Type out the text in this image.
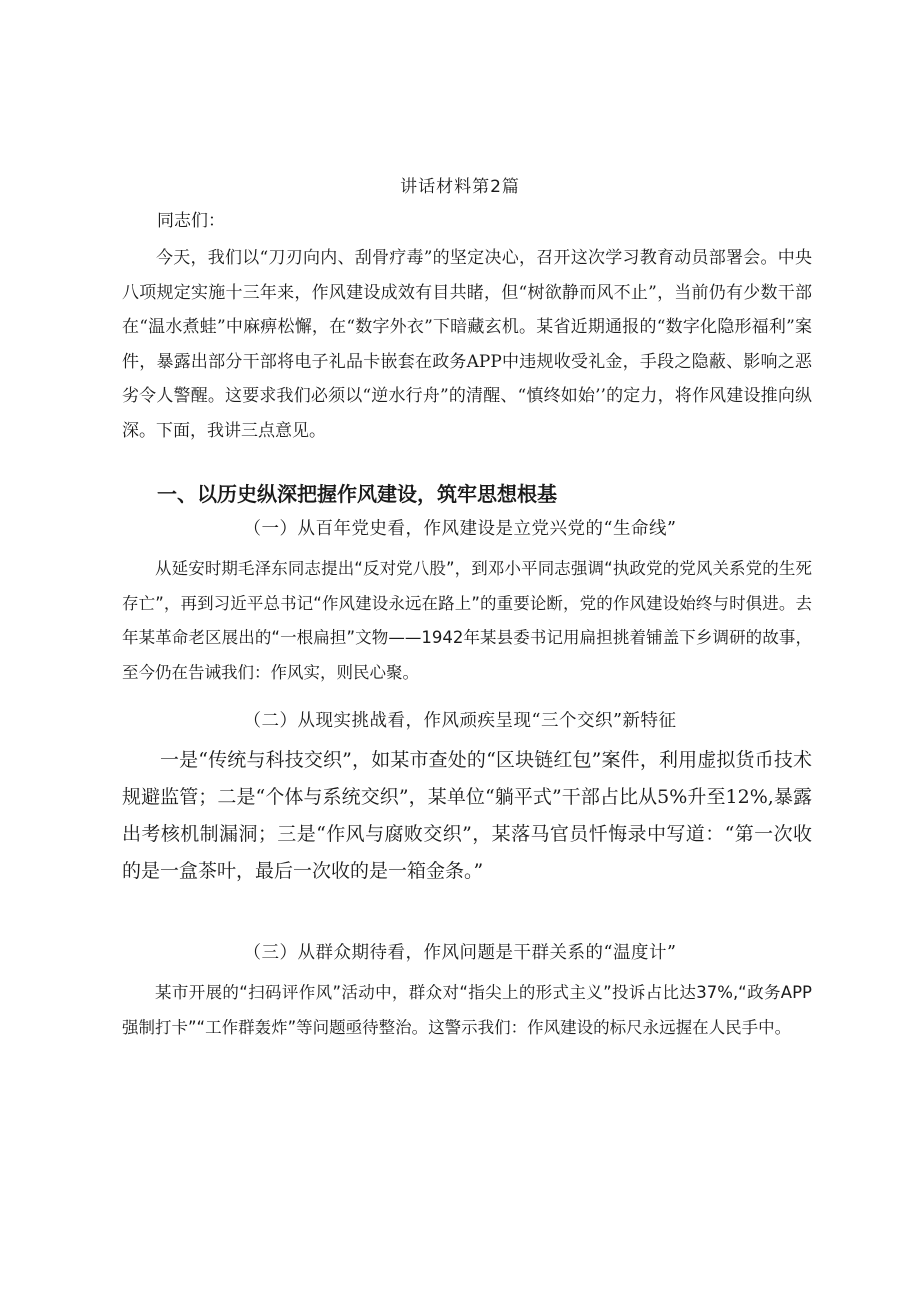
讲话材料第2篇
同志们：

今天，我们以“刀刃向内、刮骨疗毒”的坚定决心，召开这次学习教育动员部署会。中央八项规定实施十三年来，作风建设成效有目共睹，但“树欲静而风不止”，当前仍有少数干部在“温水煮蛙”中麻痹松懈，在“数字外衣”下暗藏玄机。某省近期通报的“数字化隐形福利”案件，暴露出部分干部将电子礼品卡嵌套在政务APP中违规收受礼金，手段之隐蔽、影响之恶劣令人警醒。这要求我们必须以“逆水行舟”的清醒、“慎终如始’’的定力，将作风建设推向纵深。下面，我讲三点意见。

一、以历史纵深把握作风建设，筑牢思想根基
（一）从百年党史看，作风建设是立党兴党的“生命线”

从延安时期毛泽东同志提出“反对党八股”，到邓小平同志强调“执政党的党风关系党的生死存亡”，再到习近平总书记“作风建设永远在路上”的重要论断，党的作风建设始终与时俱进。去年某革命老区展出的“一根扁担”文物——1942年某县委书记用扁担挑着铺盖下乡调研的故事，至今仍在告诫我们：作风实，则民心聚。

（二）从现实挑战看，作风顽疾呈现“三个交织”新特征

一是“传统与科技交织”，如某市查处的“区块链红包”案件，利用虚拟货币技术规避监管；二是“个体与系统交织”，某单位“躺平式”干部占比从5%升至12%,暴露出考核机制漏洞；三是“作风与腐败交织”，某落马官员忏悔录中写道：“第一次收的是一盒茶叶，最后一次收的是一箱金条。”

（三）从群众期待看，作风问题是干群关系的“温度计”

某市开展的“扫码评作风”活动中，群众对“指尖上的形式主义”投诉占比达37%,“政务APP强制打卡”“工作群轰炸”等问题亟待整治。这警示我们：作风建设的标尺永远握在人民手中。
